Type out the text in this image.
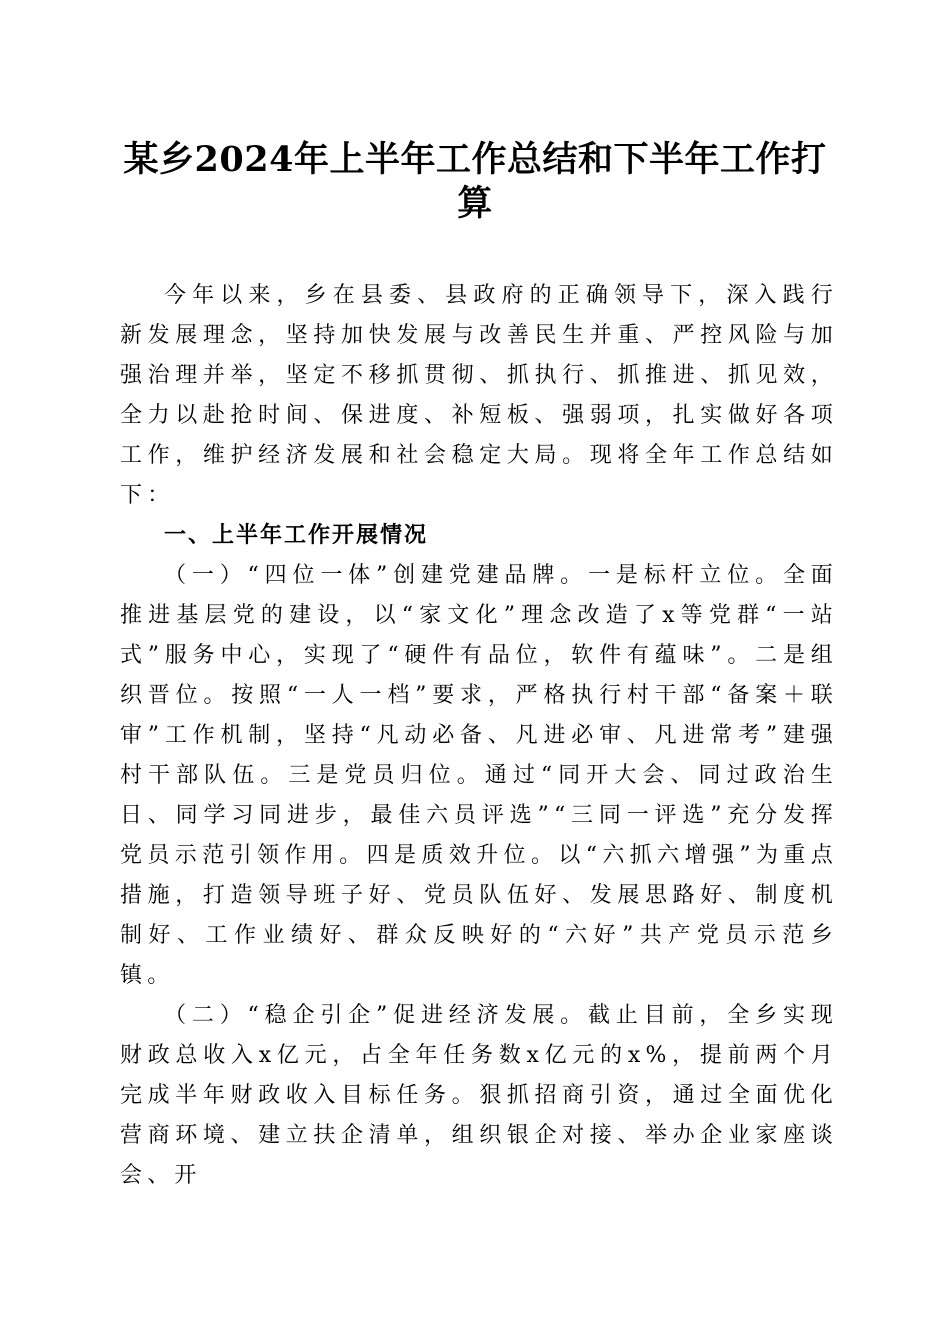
某乡2024年上半年工作总结和下半年工作打算

今年以来，乡在县委、县政府的正确领导下，深入践行新发展理念，坚持加快发展与改善民生并重、严控风险与加强治理并举，坚定不移抓贯彻、抓执行、抓推进、抓见效，全力以赴抢时间、保进度、补短板、强弱项，扎实做好各项工作，维护经济发展和社会稳定大局。现将全年工作总结如下：

一、上半年工作开展情况

（一）“四位一体”创建党建品牌。一是标杆立位。全面推进基层党的建设，以“家文化”理念改造了x等党群“一站式”服务中心，实现了“硬件有品位，软件有蕴味”。二是组织晋位。按照“一人一档”要求，严格执行村干部“备案＋联审”工作机制，坚持“凡动必备、凡进必审、凡进常考”建强村干部队伍。三是党员归位。通过“同开大会、同过政治生日、同学习同进步，最佳六员评选”“三同一评选”充分发挥党员示范引领作用。四是质效升位。以“六抓六增强”为重点措施，打造领导班子好、党员队伍好、发展思路好、制度机制好、工作业绩好、群众反映好的“六好”共产党员示范乡镇。

（二）“稳企引企”促进经济发展。截止目前，全乡实现财政总收入x亿元，占全年任务数x亿元的x%，提前两个月完成半年财政收入目标任务。狠抓招商引资，通过全面优化营商环境、建立扶企清单，组织银企对接、举办企业家座谈会、开
